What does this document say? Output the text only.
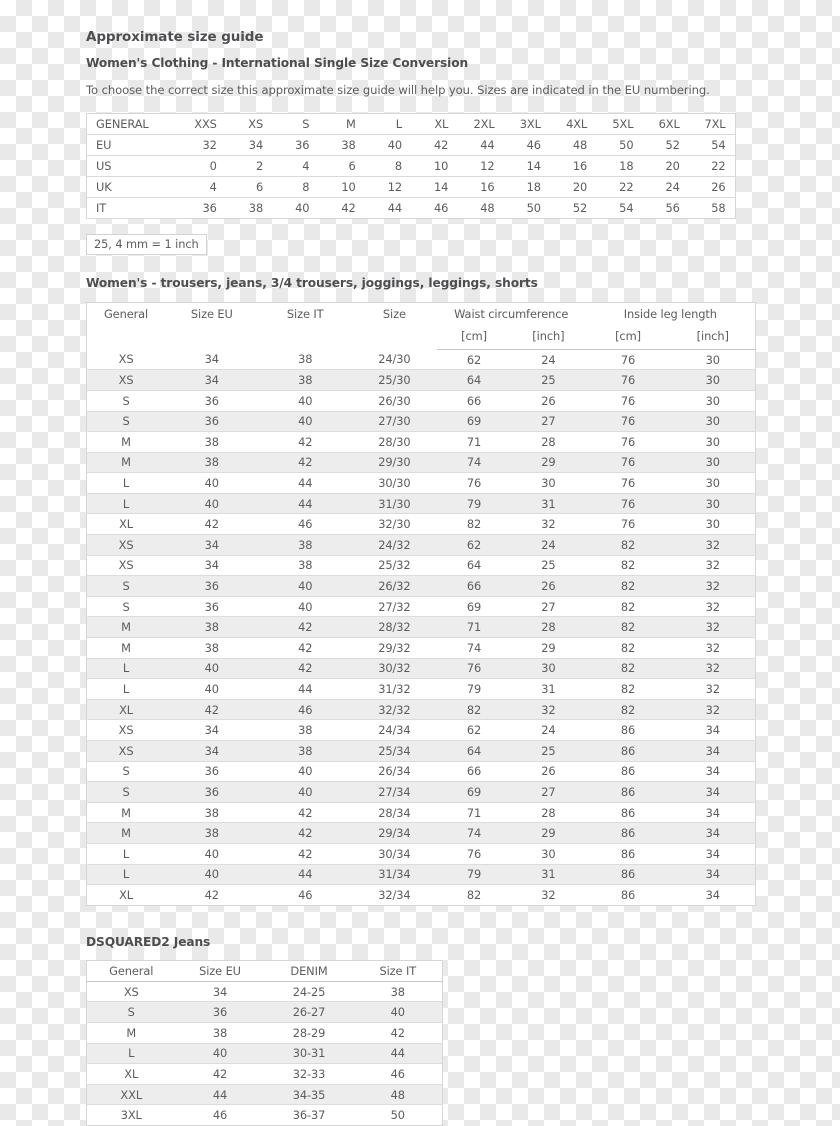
Approximate size guide
Women's Clothing - International Single Size Conversion

To choose the correct size this approximate size guide will help you. Sizes are indicated in the EU numbering.

GENERAL	XXS	XS	S	M	L	XL	2XL	3XL	4XL	5XL	6XL	7XL
EU	32	34	36	38	40	42	44	46	48	50	52	54
US	0	2	4	6	8	10	12	14	16	18	20	22
UK	4	6	8	10	12	14	16	18	20	22	24	26
IT	36	38	40	42	44	46	48	50	52	54	56	58
25, 4 mm = 1 inch
Women's - trousers, jeans, 3/4 trousers, joggings, leggings, shorts
General	Size EU	Size IT	Size	Waist circumference		Inside leg length	
				[cm]	[inch]	[cm]	[inch]
XS	34	38	24/30	62	24	76	30
XS	34	38	25/30	64	25	76	30
S	36	40	26/30	66	26	76	30
S	36	40	27/30	69	27	76	30
M	38	42	28/30	71	28	76	30
M	38	42	29/30	74	29	76	30
L	40	44	30/30	76	30	76	30
L	40	44	31/30	79	31	76	30
XL	42	46	32/30	82	32	76	30
XS	34	38	24/32	62	24	82	32
XS	34	38	25/32	64	25	82	32
S	36	40	26/32	66	26	82	32
S	36	40	27/32	69	27	82	32
M	38	42	28/32	71	28	82	32
M	38	42	29/32	74	29	82	32
L	40	42	30/32	76	30	82	32
L	40	44	31/32	79	31	82	32
XL	42	46	32/32	82	32	82	32
XS	34	38	24/34	62	24	86	34
XS	34	38	25/34	64	25	86	34
S	36	40	26/34	66	26	86	34
S	36	40	27/34	69	27	86	34
M	38	42	28/34	71	28	86	34
M	38	42	29/34	74	29	86	34
L	40	42	30/34	76	30	86	34
L	40	44	31/34	79	31	86	34
XL	42	46	32/34	82	32	86	34
DSQUARED2 Jeans
General	Size EU	DENIM	Size IT
XS	34	24-25	38
S	36	26-27	40
M	38	28-29	42
L	40	30-31	44
XL	42	32-33	46
XXL	44	34-35	48
3XL	46	36-37	50
